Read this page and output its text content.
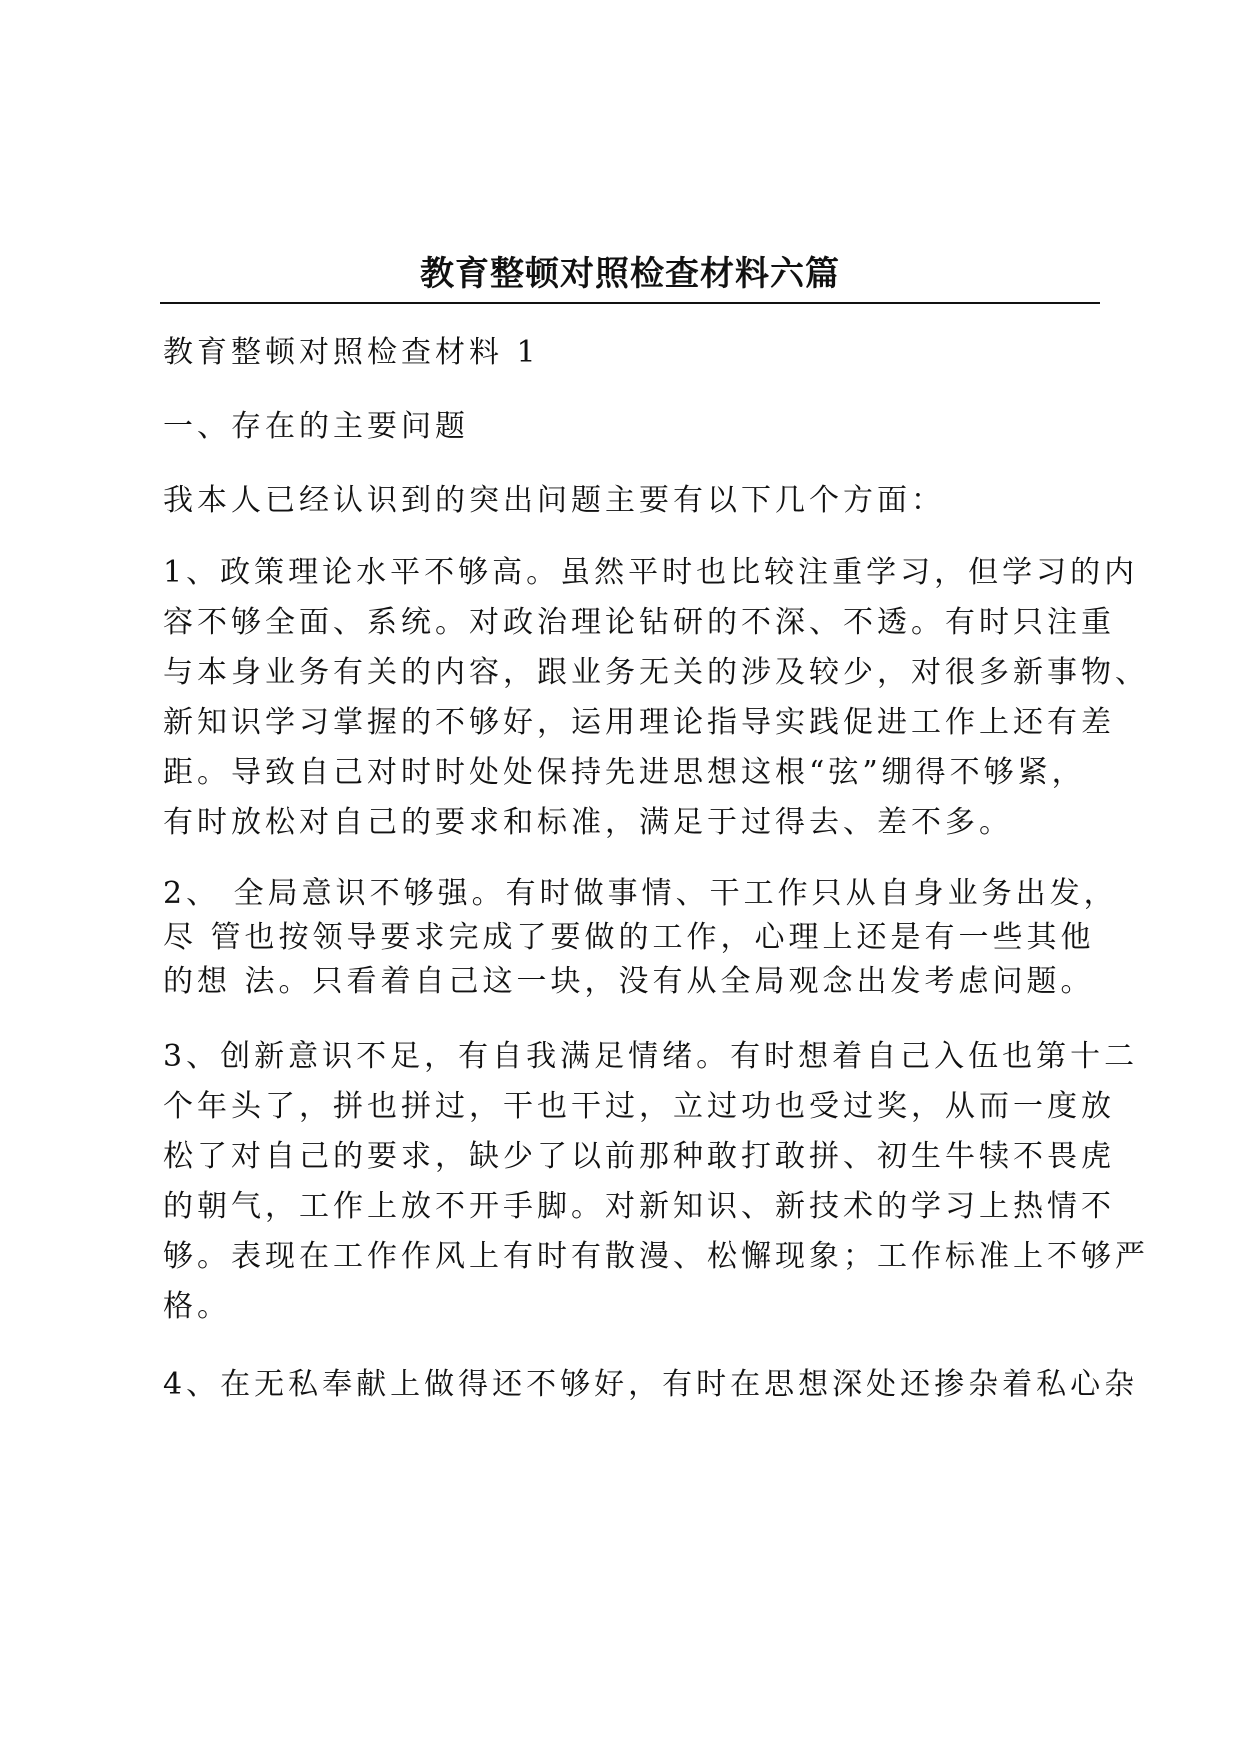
教育整顿对照检查材料六篇

教育整顿对照检查材料 1

一、存在的主要问题

我本人已经认识到的突出问题主要有以下几个方面：

1、政策理论水平不够高。虽然平时也比较注重学习，但学习的内
容不够全面、系统。对政治理论钻研的不深、不透。有时只注重
与本身业务有关的内容，跟业务无关的涉及较少，对很多新事物、
新知识学习掌握的不够好，运用理论指导实践促进工作上还有差
距。导致自己对时时处处保持先进思想这根“弦”绷得不够紧，
有时放松对自己的要求和标准，满足于过得去、差不多。

2、 全局意识不够强。有时做事情、干工作只从自身业务出发，
尽 管也按领导要求完成了要做的工作，心理上还是有一些其他
的想 法。只看着自己这一块，没有从全局观念出发考虑问题。

3、创新意识不足，有自我满足情绪。有时想着自己入伍也第十二
个年头了，拼也拼过，干也干过，立过功也受过奖，从而一度放
松了对自己的要求，缺少了以前那种敢打敢拼、初生牛犊不畏虎
的朝气，工作上放不开手脚。对新知识、新技术的学习上热情不
够。表现在工作作风上有时有散漫、松懈现象；工作标准上不够严
格。

4、在无私奉献上做得还不够好，有时在思想深处还掺杂着私心杂
